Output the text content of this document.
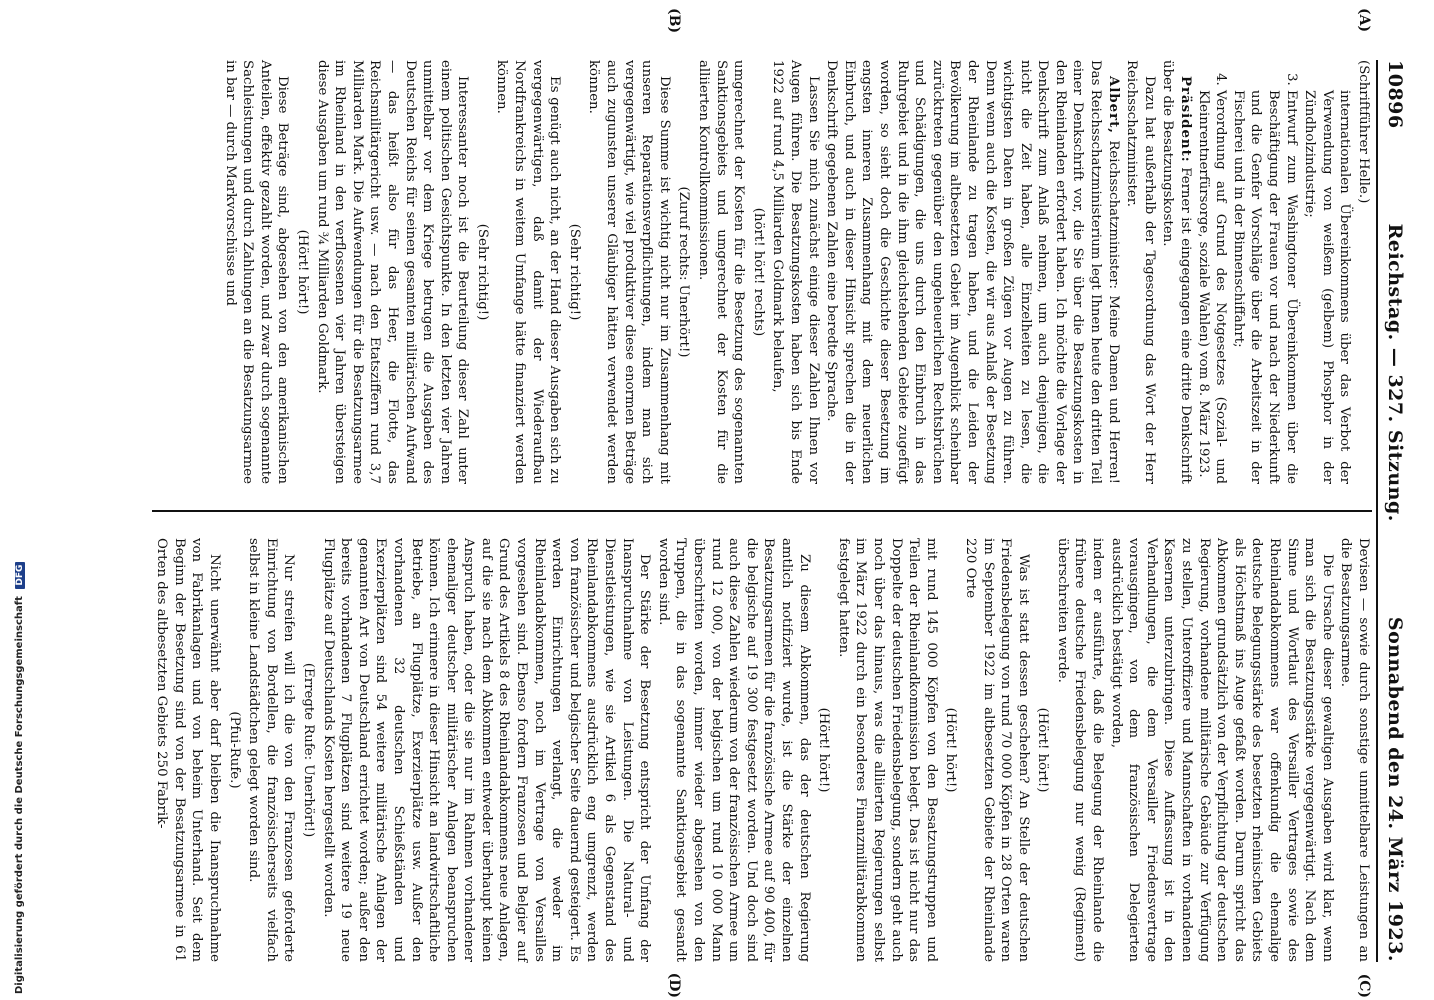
10896
Reichstag. — 327. Sitzung.
Sonnabend den 24. März 1923.
(A)
(B)

(Schriftführer Helle.)

internationalen Übereinkommens über das Verbot der Verwendung von weißem (gelbem) Phosphor in der Zündholzindustrie;

3. Entwurf zum Washingtoner Übereinkommen über die Beschäftigung der Frauen vor und nach der Niederkunft und die Genfer Vorschläge über die Arbeitszeit in der Fischerei und in der Binnenschiffahrt;
4. Verordnung auf Grund des Notgesetzes (Sozial- und Kleinrentnerfürsorge, soziale Wahlen) vom 8. März 1923.

Präsident: Ferner ist eingegangen eine dritte Denkschrift über die Besatzungskosten.

Dazu hat außerhalb der Tagesordnung das Wort der Herr Reichsschatzminister.

Albert, Reichsschatzminister: Meine Damen und Herren! Das Reichsschatzministerium legt Ihnen heute den dritten Teil einer Denkschrift vor, die Sie über die Besatzungskosten in den Rheinlanden erfordert haben. Ich möchte die Vorlage der Denkschrift zum Anlaß nehmen, um auch denjenigen, die nicht die Zeit haben, alle Einzelheiten zu lesen, die wichtigsten Daten in großen Zügen vor Augen zu führen. Denn wenn auch die Kosten, die wir aus Anlaß der Besetzung der Rheinlande zu tragen haben, und die Leiden der Bevölkerung im altbesetzten Gebiet im Augenblick scheinbar zurücktreten gegenüber den ungeheuerlichen Rechtsbrüchen und Schädigungen, die uns durch den Einbruch in das Ruhrgebiet und in die ihm gleichstehenden Gebiete zugefügt worden, so sieht doch die Geschichte dieser Besetzung im engsten inneren Zusammenhang mit dem neuerlichen Einbruch, und auch in dieser Hinsicht sprechen die in der Denkschrift gegebenen Zahlen eine beredte Sprache.

Lassen Sie mich zunächst einige dieser Zahlen Ihnen vor Augen führen. Die Besatzungskosten haben sich bis Ende 1922 auf rund 4,5 Milliarden Goldmark belaufen,

(hört! hört! rechts)

umgerechnet der Kosten für die Besetzung des sogenannten Sanktionsgebiets und umgerechnet der Kosten für die alliierten Kontrollkommissionen.

(Zuruf rechts: Unerhört!)

Diese Summe ist wichtig nicht nur im Zusammenhang mit unseren Reparationsverpflichtungen, indem man sich vergegenwärtigt, wie viel produktiver diese enormen Beträge auch zugunsten unserer Gläubiger hätten verwendet werden können.

(Sehr richtig!)

Es genügt auch nicht, an der Hand dieser Ausgaben sich zu vergegenwärtigen, daß damit der Wiederaufbau Nordfrankreichs in weitem Umfange hätte finanziert werden können.

(Sehr richtig!)

Interessanter noch ist die Beurteilung dieser Zahl unter einem politischen Gesichtspunkte. In den letzten vier Jahren unmittelbar vor dem Kriege betrugen die Ausgaben des Deutschen Reichs für seinen gesamten militärischen Aufwand — das heißt also für das Heer, die Flotte, das Reichsmilitärgericht usw. — nach den Etatsziffern rund 3,7 Milliarden Mark. Die Aufwendungen für die Besatzungsarmee im Rheinland in den verflossenen vier Jahren übersteigen diese Ausgaben um rund ¾ Milliarden Goldmark.

(Hört! hört!)

Diese Beträge sind, abgesehen von den amerikanischen Anteilen, effektiv gezahlt worden, und zwar durch sogenannte Sachleistungen und durch Zahlungen an die Besatzungsarmee in bar — durch Markvorschüsse und

Devisen — sowie durch sonstige unmittelbare Leistungen an die Besatzungsarmee.

Die Ursache dieser gewaltigen Ausgaben wird klar, wenn man sich die Besatzungsstärke vergegenwärtigt. Nach dem Sinne und Wortlaut des Versailler Vertrages sowie des Rheinlandabkommens war offenkundig die ehemalige deutsche Belegungsstärke des besetzten rheinischen Gebiets als Höchstmaß ins Auge gefaßt worden. Darum spricht das Abkommen grundsätzlich von der Verpflichtung der deutschen Regierung, vorhandene militärische Gebäude zur Verfügung zu stellen, Unteroffiziere und Mannschaften in vorhandenen Kasernen unterzubringen. Diese Auffassung ist in den Verhandlungen, die dem Versailler Friedensvertrage vorausgingen, von dem französischen Delegierten ausdrücklich bestätigt worden,

indem er ausführte, daß die Belegung der Rheinlande die frühere deutsche Friedensbelegung nur wenig (Regiment) überschreiten werde.

(Hört! hört!)

Was ist statt dessen geschehen? An Stelle der deutschen Friedensbelegung von rund 70 000 Köpfen in 28 Orten waren im September 1922 im altbesetzten Gebiete der Rheinlande 220 Orte

(Hört! hört!)

mit rund 145 000 Köpfen von den Besatzungstruppen und Teilen der Rheinlandkommission belegt. Das ist nicht nur das Doppelte der deutschen Friedensbelegung, sondern geht auch noch über das hinaus, was die alliierten Regierungen selbst im März 1922 durch ein besonderes Finanzmilitärabkommen festgelegt hatten.

(Hört! hört!)

Zu diesem Abkommen, das der deutschen Regierung amtlich notifiziert wurde, ist die Stärke der einzelnen Besatzungsarmeen für die französische Armee auf 90 400, für die belgische auf 19 300 festgesetzt worden. Und doch sind auch diese Zahlen wiederum von der französischen Armee um rund 12 000, von der belgischen um rund 10 000 Mann überschritten worden, immer wieder abgesehen von den Truppen, die in das sogenannte Sanktionsgebiet gesandt worden sind.

Der Stärke der Besetzung entspricht der Umfang der Inanspruchnahme von Leistungen. Die Natural- und Dienstleistungen, wie sie Artikel 6 als Gegenstand des Rheinlandabkommens ausdrücklich eng umgrenzt, werden von französischer und belgischer Seite dauernd gesteigert. Es werden Einrichtungen verlangt, die weder im Rheinlandabkommen, noch im Vertrage von Versailles vorgesehen sind. Ebenso fordern Franzosen und Belgier auf Grund des Artikels 8 des Rheinlandabkommens neue Anlagen, auf die sie nach dem Abkommen entweder überhaupt keinen Anspruch haben, oder die sie nur im Rahmen vorhandener ehemaliger deutscher militärischer Anlagen beanspruchen können. Ich erinnere in dieser Hinsicht an landwirtschaftliche Betriebe, an Flugplätze, Exerzierplätze usw. Außer den vorhandenen 32 deutschen Schießständen und Exerzierplätzen sind 54 weitere militärische Anlagen der genannten Art von Deutschland errichtet worden; außer den bereits vorhandenen 7 Flugplätzen sind weitere 19 neue Flugplätze auf Deutschlands Kosten hergestellt worden.

(Erregte Rufe: Unerhört!)

Nur streifen will ich die von den Franzosen geforderte Einrichtung von Bordellen, die französischerseits vielfach selbst in kleine Landstädtchen gelegt worden sind.

(Pfui-Rufe.)

Nicht unerwähnt aber darf bleiben die Inanspruchnahme von Fabrikanlagen und von beheim Unterhand. Seit dem Beginn der Besetzung sind von der Besatzungsarmee in 61 Orten des altbesetzten Gebiets 250 Fabrik-

(C)
(D)
Digitalisierung gefördert durch die Deutsche Forschungsgemeinschaft DFG
